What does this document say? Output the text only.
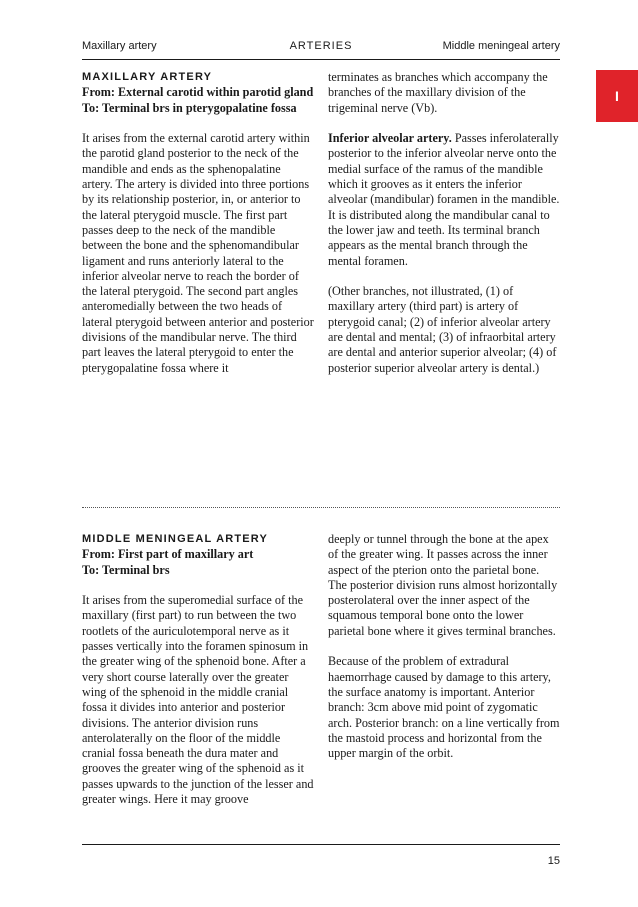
Maxillary artery	ARTERIES	Middle meningeal artery
I
MAXILLARY ARTERY
From: External carotid within parotid gland
To: Terminal brs in pterygopalatine fossa

It arises from the external carotid artery within the parotid gland posterior to the neck of the mandible and ends as the sphenopalatine artery. The artery is divided into three portions by its relationship posterior, in, or anterior to the lateral pterygoid muscle. The first part passes deep to the neck of the mandible between the bone and the sphenomandibular ligament and runs anteriorly lateral to the inferior alveolar nerve to reach the border of the lateral pterygoid. The second part angles anteromedially between the two heads of lateral pterygoid between anterior and posterior divisions of the mandibular nerve. The third part leaves the lateral pterygoid to enter the pterygopalatine fossa where it

terminates as branches which accompany the branches of the maxillary division of the trigeminal nerve (Vb).

Inferior alveolar artery. Passes inferolaterally posterior to the inferior alveolar nerve onto the medial surface of the ramus of the mandible which it grooves as it enters the inferior alveolar (mandibular) foramen in the mandible. It is distributed along the mandibular canal to the lower jaw and teeth. Its terminal branch appears as the mental branch through the mental foramen.

(Other branches, not illustrated, (1) of maxillary artery (third part) is artery of pterygoid canal; (2) of inferior alveolar artery are dental and mental; (3) of infraorbital artery are dental and anterior superior alveolar; (4) of posterior superior alveolar artery is dental.)

MIDDLE MENINGEAL ARTERY
From: First part of maxillary art
To: Terminal brs

It arises from the superomedial surface of the maxillary (first part) to run between the two rootlets of the auriculotemporal nerve as it passes vertically into the foramen spinosum in the greater wing of the sphenoid bone. After a very short course laterally over the greater wing of the sphenoid in the middle cranial fossa it divides into anterior and posterior divisions. The anterior division runs anterolaterally on the floor of the middle cranial fossa beneath the dura mater and grooves the greater wing of the sphenoid as it passes upwards to the junction of the lesser and greater wings. Here it may groove

deeply or tunnel through the bone at the apex of the greater wing. It passes across the inner aspect of the pterion onto the parietal bone. The posterior division runs almost horizontally posterolateral over the inner aspect of the squamous temporal bone onto the lower parietal bone where it gives terminal branches.

Because of the problem of extradural haemorrhage caused by damage to this artery, the surface anatomy is important. Anterior branch: 3cm above mid point of zygomatic arch. Posterior branch: on a line vertically from the mastoid process and horizontal from the upper margin of the orbit.

15
